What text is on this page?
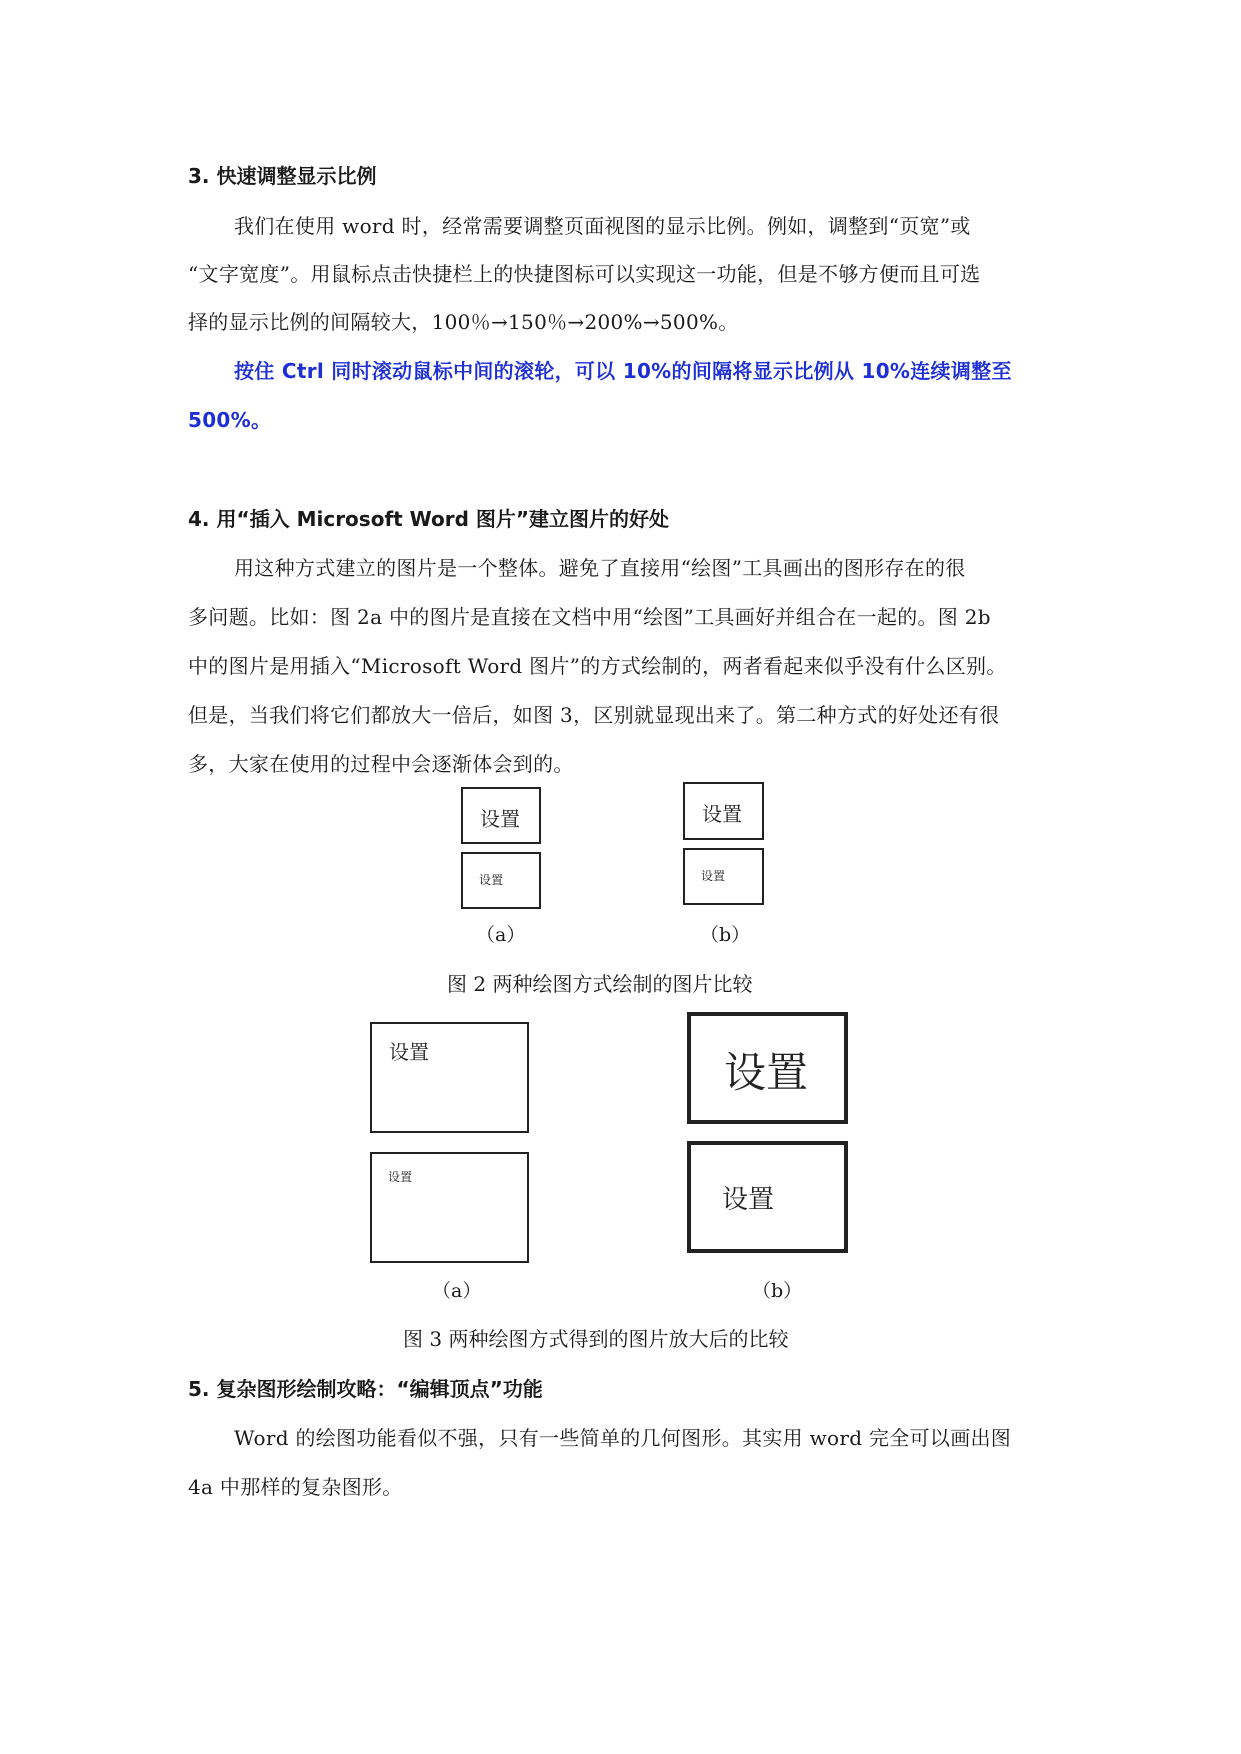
3. 快速调整显示比例
我们在使用 word 时，经常需要调整页面视图的显示比例。例如，调整到“页宽”或
“文字宽度”。用鼠标点击快捷栏上的快捷图标可以实现这一功能，但是不够方便而且可选
择的显示比例的间隔较大，100％→150％→200%→500%。
按住 Ctrl 同时滚动鼠标中间的滚轮，可以 10%的间隔将显示比例从 10%连续调整至
500%。
4. 用“插入 Microsoft Word 图片”建立图片的好处
用这种方式建立的图片是一个整体。避免了直接用“绘图”工具画出的图形存在的很
多问题。比如：图 2a 中的图片是直接在文档中用“绘图”工具画好并组合在一起的。图 2b
中的图片是用插入“Microsoft Word 图片”的方式绘制的，两者看起来似乎没有什么区别。
但是，当我们将它们都放大一倍后，如图 3，区别就显现出来了。第二种方式的好处还有很
多，大家在使用的过程中会逐渐体会到的。
设置
设置
设置
设置
（a）	（b）
图 2 两种绘图方式绘制的图片比较
设置
设置
设置
设置
（a）	（b）
图 3 两种绘图方式得到的图片放大后的比较
5. 复杂图形绘制攻略：“编辑顶点”功能
Word 的绘图功能看似不强，只有一些简单的几何图形。其实用 word 完全可以画出图
4a 中那样的复杂图形。
